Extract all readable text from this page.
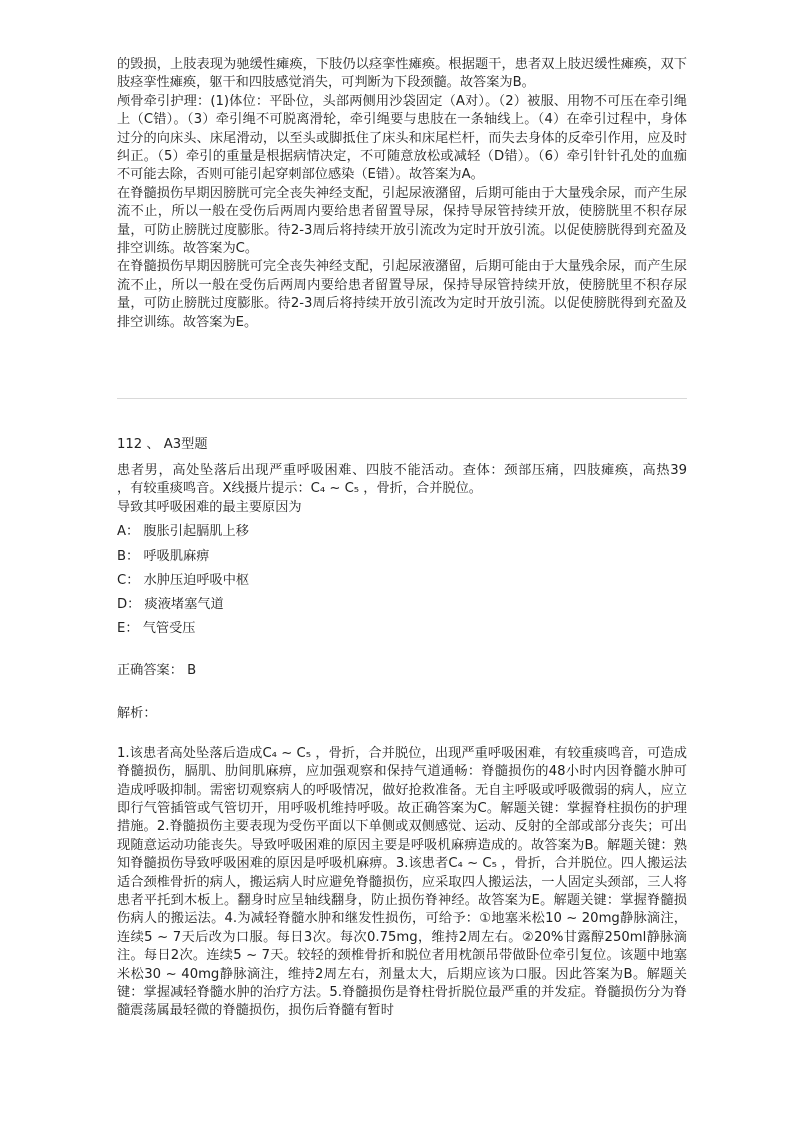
的毁损，上肢表现为驰缓性瘫痪，下肢仍以痉挛性瘫痪。根据题干，患者双上肢迟缓性瘫痪，双下肢痉挛性瘫痪，躯干和四肢感觉消失，可判断为下段颈髓。故答案为B。

颅骨牵引护理：(1)体位：平卧位，头部两侧用沙袋固定（A对）。（2）被服、用物不可压在牵引绳上（C错）。（3）牵引绳不可脱离滑轮，牵引绳要与患肢在一条轴线上。（4）在牵引过程中，身体过分的向床头、床尾滑动，以至头或脚抵住了床头和床尾栏杆，而失去身体的反牵引作用，应及时纠正。（5）牵引的重量是根据病情决定，不可随意放松或减轻（D错）。（6）牵引针针孔处的血痂不可能去除，否则可能引起穿刺部位感染（E错）。故答案为A。

在脊髓损伤早期因膀胱可完全丧失神经支配，引起尿液潴留，后期可能由于大量残余尿，而产生尿流不止，所以一般在受伤后两周内要给患者留置导尿，保持导尿管持续开放，使膀胱里不积存尿量，可防止膀胱过度膨胀。待2-3周后将持续开放引流改为定时开放引流。以促使膀胱得到充盈及排空训练。故答案为C。

在脊髓损伤早期因膀胱可完全丧失神经支配，引起尿液潴留，后期可能由于大量残余尿，而产生尿流不止，所以一般在受伤后两周内要给患者留置导尿，保持导尿管持续开放，使膀胱里不积存尿量，可防止膀胱过度膨胀。待2-3周后将持续开放引流改为定时开放引流。以促使膀胱得到充盈及排空训练。故答案为E。

112 、 A3型题

患者男，高处坠落后出现严重呼吸困难、四肢不能活动。查体：颈部压痛，四肢瘫痪，高热39　，有较重痰鸣音。X线摄片提示：C₄ ~ C₅ ，骨折，合并脱位。

导致其呼吸困难的最主要原因为

A： 腹胀引起膈肌上移
B： 呼吸肌麻痹
C： 水肿压迫呼吸中枢
D： 痰液堵塞气道
E： 气管受压
正确答案： B
解析：

1.该患者高处坠落后造成C₄ ~ C₅ ，骨折，合并脱位，出现严重呼吸困难，有较重痰鸣音，可造成脊髓损伤，膈肌、肋间肌麻痹，应加强观察和保持气道通畅：脊髓损伤的48小时内因脊髓水肿可造成呼吸抑制。需密切观察病人的呼吸情况，做好抢救准备。无自主呼吸或呼吸微弱的病人，应立即行气管插管或气管切开，用呼吸机维持呼吸。故正确答案为C。解题关键：掌握脊柱损伤的护理措施。2.脊髓损伤主要表现为受伤平面以下单侧或双侧感觉、运动、反射的全部或部分丧失；可出现随意运动功能丧失。导致呼吸困难的原因主要是呼吸机麻痹造成的。故答案为B。解题关键：熟知脊髓损伤导致呼吸困难的原因是呼吸机麻痹。3.该患者C₄ ~ C₅ ，骨折，合并脱位。四人搬运法适合颈椎骨折的病人，搬运病人时应避免脊髓损伤，应采取四人搬运法，一人固定头颈部，三人将患者平托到木板上。翻身时应呈轴线翻身，防止损伤脊神经。故答案为E。解题关键：掌握脊髓损伤病人的搬运法。4.为减轻脊髓水肿和继发性损伤，可给予：①地塞米松10 ~ 20mg静脉滴注，连续5 ~ 7天后改为口服。每日3次。每次0.75mg，维持2周左右。②20%甘露醇250ml静脉滴注。每日2次。连续5 ~ 7天。较轻的颈椎骨折和脱位者用枕颌吊带做卧位牵引复位。该题中地塞米松30 ~ 40mg静脉滴注，维持2周左右，剂量太大，后期应该为口服。因此答案为B。解题关键：掌握减轻脊髓水肿的治疗方法。5.脊髓损伤是脊柱骨折脱位最严重的并发症。脊髓损伤分为脊髓震荡属最轻微的脊髓损伤，损伤后脊髓有暂时
